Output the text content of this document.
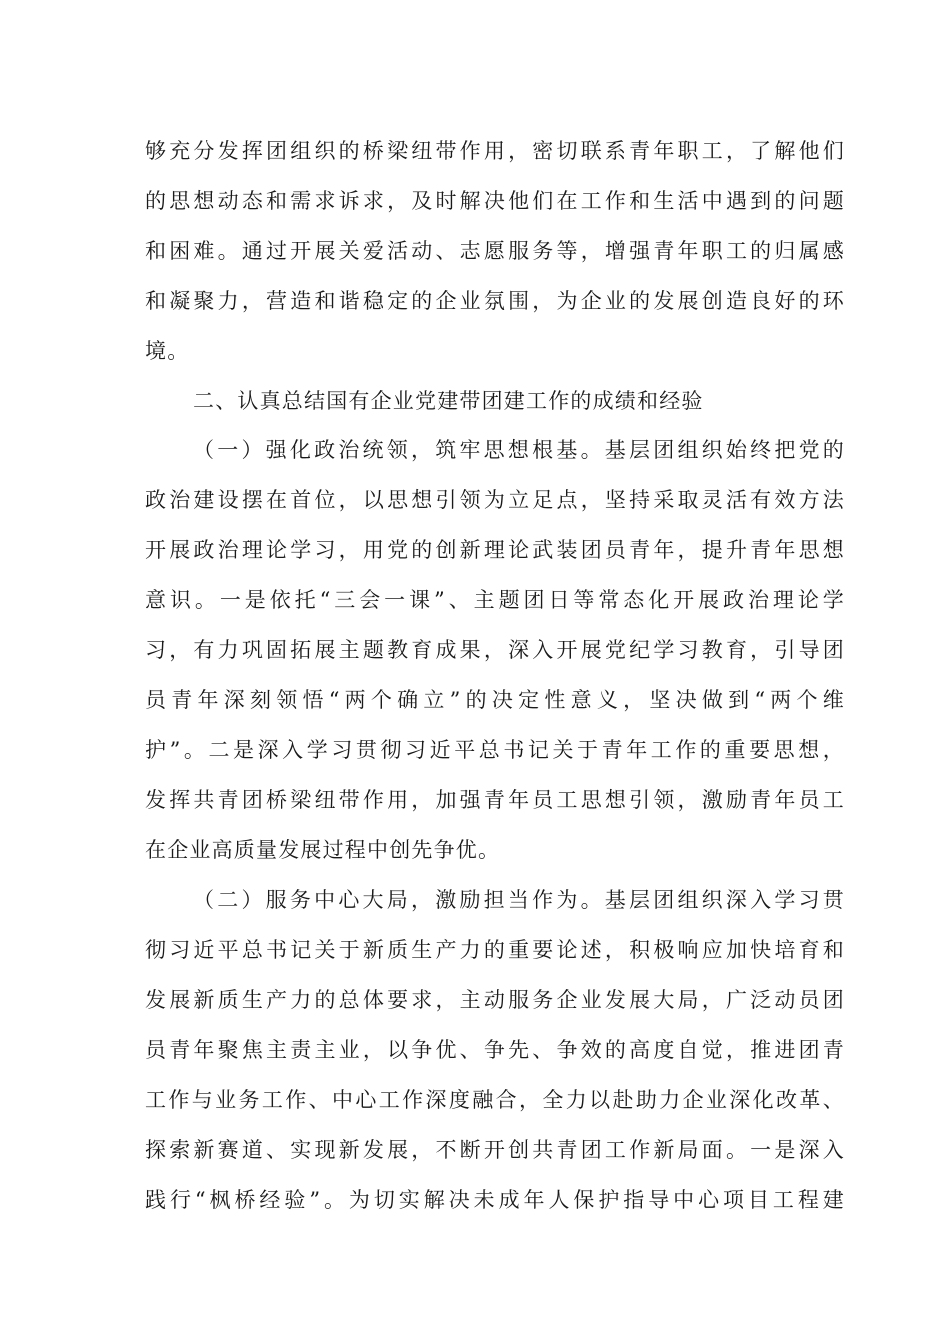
够充分发挥团组织的桥梁纽带作用，密切联系青年职工，了解他们
的思想动态和需求诉求，及时解决他们在工作和生活中遇到的问题
和困难。通过开展关爱活动、志愿服务等，增强青年职工的归属感
和凝聚力，营造和谐稳定的企业氛围，为企业的发展创造良好的环
境。
二、认真总结国有企业党建带团建工作的成绩和经验
（一）强化政治统领，筑牢思想根基。基层团组织始终把党的
政治建设摆在首位，以思想引领为立足点，坚持采取灵活有效方法
开展政治理论学习，用党的创新理论武装团员青年，提升青年思想
意识。一是依托“三会一课”、主题团日等常态化开展政治理论学
习，有力巩固拓展主题教育成果，深入开展党纪学习教育，引导团
员青年深刻领悟“两个确立”的决定性意义，坚决做到“两个维
护”。二是深入学习贯彻习近平总书记关于青年工作的重要思想，
发挥共青团桥梁纽带作用，加强青年员工思想引领，激励青年员工
在企业高质量发展过程中创先争优。
（二）服务中心大局，激励担当作为。基层团组织深入学习贯
彻习近平总书记关于新质生产力的重要论述，积极响应加快培育和
发展新质生产力的总体要求，主动服务企业发展大局，广泛动员团
员青年聚焦主责主业，以争优、争先、争效的高度自觉，推进团青
工作与业务工作、中心工作深度融合，全力以赴助力企业深化改革、
探索新赛道、实现新发展，不断开创共青团工作新局面。一是深入
践行“枫桥经验”。为切实解决未成年人保护指导中心项目工程建
